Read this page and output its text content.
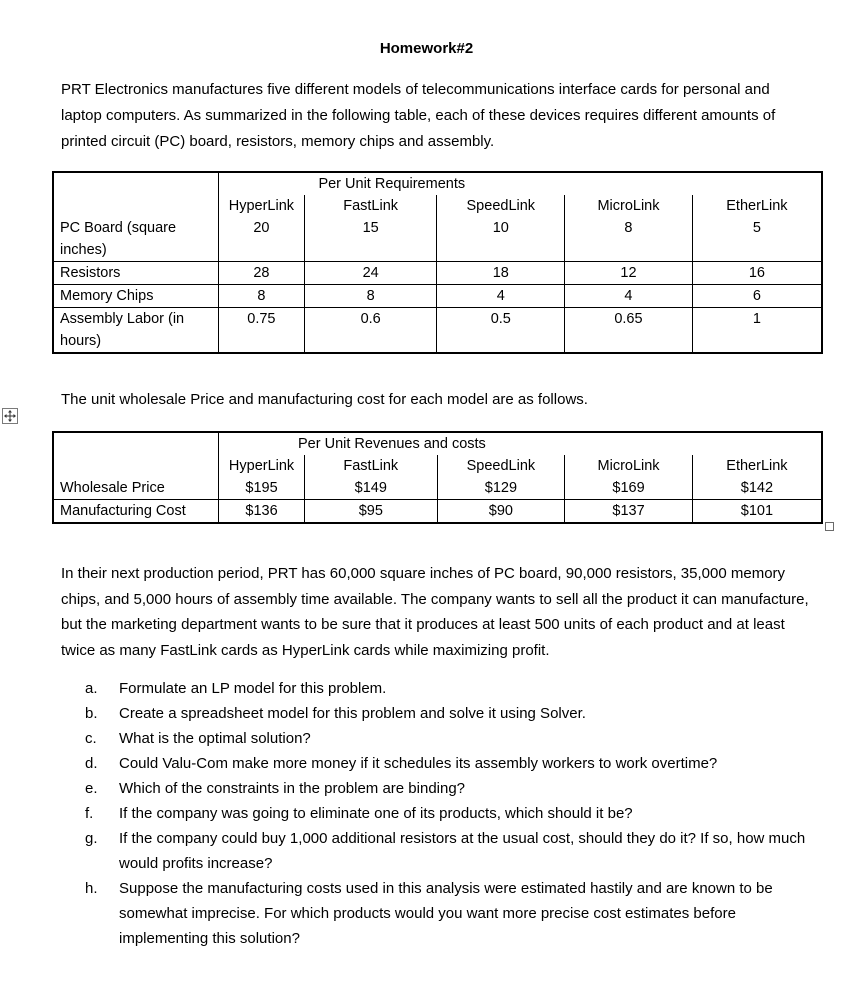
Homework#2

PRT Electronics manufactures five different models of telecommunications interface cards for personal and laptop computers. As summarized in the following table, each of these devices requires different amounts of printed circuit (PC) board, resistors, memory chips and assembly.

	Per Unit Requirements				
	HyperLink	FastLink	SpeedLink	MicroLink	EtherLink
PC Board (square inches)	20	15	10	8	5
Resistors	28	24	18	12	16
Memory Chips	8	8	4	4	6
Assembly Labor (in hours)	0.75	0.6	0.5	0.65	1

The unit wholesale Price and manufacturing cost for each model are as follows.

	Per Unit Revenues and costs				
	HyperLink	FastLink	SpeedLink	MicroLink	EtherLink
Wholesale Price	$195	$149	$129	$169	$142
Manufacturing Cost	$136	$95	$90	$137	$101

In their next production period, PRT has 60,000 square inches of PC board, 90,000 resistors, 35,000 memory chips, and 5,000 hours of assembly time available. The company wants to sell all the product it can manufacture, but the marketing department wants to be sure that it produces at least 500 units of each product and at least twice as many FastLink cards as HyperLink cards while maximizing profit.

a.	Formulate an LP model for this problem.
b.	Create a spreadsheet model for this problem and solve it using Solver.
c.	What is the optimal solution?
d.	Could Valu-Com make more money if it schedules its assembly workers to work overtime?
e.	Which of the constraints in the problem are binding?
f.	If the company was going to eliminate one of its products, which should it be?
g.	If the company could buy 1,000 additional resistors at the usual cost, should they do it? If so, how much would profits increase?
h.	Suppose the manufacturing costs used in this analysis were estimated hastily and are known to be somewhat imprecise. For which products would you want more precise cost estimates before implementing this solution?
